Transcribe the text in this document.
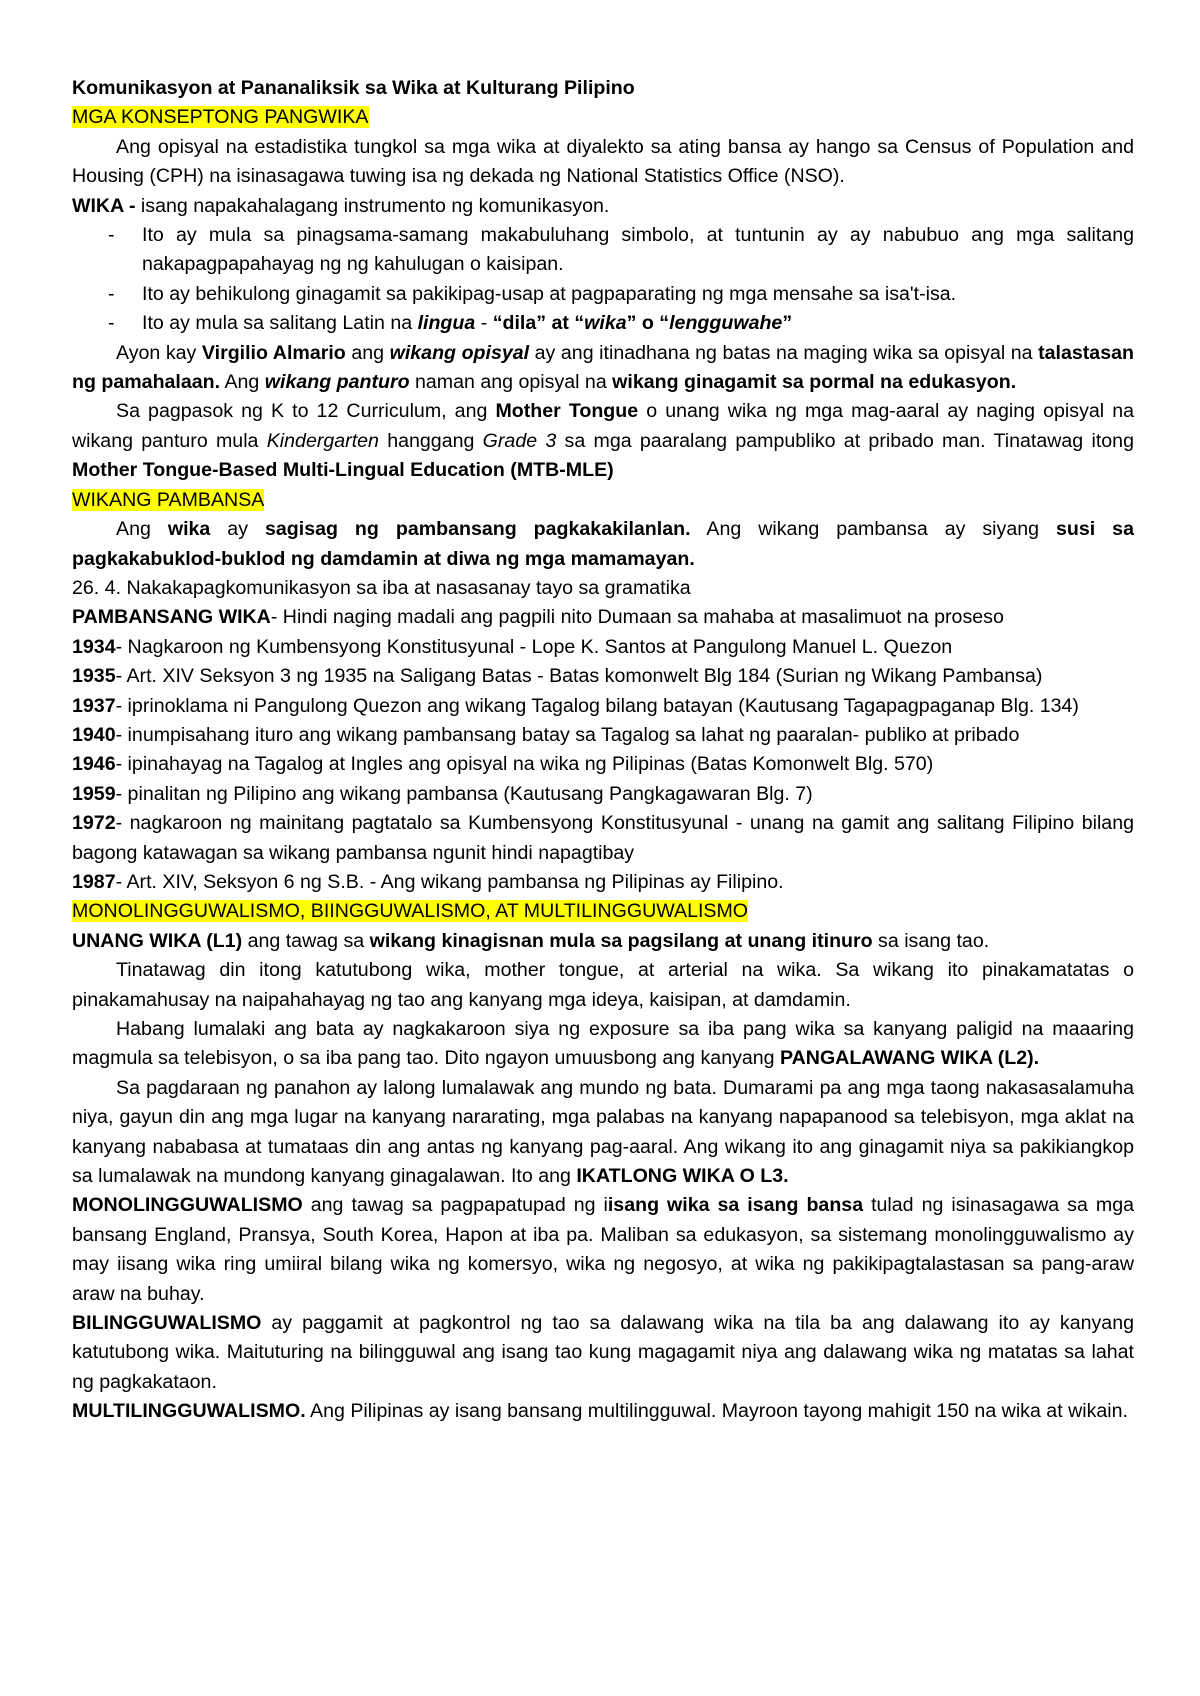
Komunikasyon at Pananaliksik sa Wika at Kulturang Pilipino

MGA KONSEPTONG PANGWIKA

Ang opisyal na estadistika tungkol sa mga wika at diyalekto sa ating bansa ay hango sa Census of Population and Housing (CPH) na isinasagawa tuwing isa ng dekada ng National Statistics Office (NSO).

WIKA - isang napakahalagang instrumento ng komunikasyon.

- Ito ay mula sa pinagsama-samang makabuluhang simbolo, at tuntunin ay ay nabubuo ang mga salitang nakapagpapahayag ng ng kahulugan o kaisipan.

- Ito ay behikulong ginagamit sa pakikipag-usap at pagpaparating ng mga mensahe sa isa't-isa.

- Ito ay mula sa salitang Latin na lingua - “dila” at “wika” o “lengguwahe”

Ayon kay Virgilio Almario ang wikang opisyal ay ang itinadhana ng batas na maging wika sa opisyal na talastasan ng pamahalaan. Ang wikang panturo naman ang opisyal na wikang ginagamit sa pormal na edukasyon.

Sa pagpasok ng K to 12 Curriculum, ang Mother Tongue o unang wika ng mga mag-aaral ay naging opisyal na wikang panturo mula Kindergarten hanggang Grade 3 sa mga paaralang pampubliko at pribado man. Tinatawag itong Mother Tongue-Based Multi-Lingual Education (MTB-MLE)

WIKANG PAMBANSA

Ang wika ay sagisag ng pambansang pagkakakilanlan. Ang wikang pambansa ay siyang susi sa pagkakabuklod-buklod ng damdamin at diwa ng mga mamamayan.

26. 4. Nakakapagkomunikasyon sa iba at nasasanay tayo sa gramatika

PAMBANSANG WIKA- Hindi naging madali ang pagpili nito Dumaan sa mahaba at masalimuot na proseso

1934- Nagkaroon ng Kumbensyong Konstitusyunal - Lope K. Santos at Pangulong Manuel L. Quezon

1935- Art. XIV Seksyon 3 ng 1935 na Saligang Batas - Batas komonwelt Blg 184 (Surian ng Wikang Pambansa)

1937- iprinoklama ni Pangulong Quezon ang wikang Tagalog bilang batayan (Kautusang Tagapagpaganap Blg. 134)

1940- inumpisahang ituro ang wikang pambansang batay sa Tagalog sa lahat ng paaralan- publiko at pribado

1946- ipinahayag na Tagalog at Ingles ang opisyal na wika ng Pilipinas (Batas Komonwelt Blg. 570)

1959- pinalitan ng Pilipino ang wikang pambansa (Kautusang Pangkagawaran Blg. 7)

1972- nagkaroon ng mainitang pagtatalo sa Kumbensyong Konstitusyunal - unang na gamit ang salitang Filipino bilang bagong katawagan sa wikang pambansa ngunit hindi napagtibay

1987- Art. XIV, Seksyon 6 ng S.B. - Ang wikang pambansa ng Pilipinas ay Filipino.

MONOLINGGUWALISMO, BIINGGUWALISMO, AT MULTILINGGUWALISMO

UNANG WIKA (L1) ang tawag sa wikang kinagisnan mula sa pagsilang at unang itinuro sa isang tao.

Tinatawag din itong katutubong wika, mother tongue, at arterial na wika. Sa wikang ito pinakamatatas o pinakamahusay na naipahahayag ng tao ang kanyang mga ideya, kaisipan, at damdamin.

Habang lumalaki ang bata ay nagkakaroon siya ng exposure sa iba pang wika sa kanyang paligid na maaaring magmula sa telebisyon, o sa iba pang tao. Dito ngayon umuusbong ang kanyang PANGALAWANG WIKA (L2).

Sa pagdaraan ng panahon ay lalong lumalawak ang mundo ng bata. Dumarami pa ang mga taong nakasasalamuha niya, gayun din ang mga lugar na kanyang nararating, mga palabas na kanyang napapanood sa telebisyon, mga aklat na kanyang nababasa at tumataas din ang antas ng kanyang pag-aaral. Ang wikang ito ang ginagamit niya sa pakikiangkop sa lumalawak na mundong kanyang ginagalawan. Ito ang IKATLONG WIKA O L3.

MONOLINGGUWALISMO ang tawag sa pagpapatupad ng iisang wika sa isang bansa tulad ng isinasagawa sa mga bansang England, Pransya, South Korea, Hapon at iba pa. Maliban sa edukasyon, sa sistemang monolingguwalismo ay may iisang wika ring umiiral bilang wika ng komersyo, wika ng negosyo, at wika ng pakikipagtalastasan sa pang-araw araw na buhay.

BILINGGUWALISMO ay paggamit at pagkontrol ng tao sa dalawang wika na tila ba ang dalawang ito ay kanyang katutubong wika. Maituturing na bilingguwal ang isang tao kung magagamit niya ang dalawang wika ng matatas sa lahat ng pagkakataon.

MULTILINGGUWALISMO. Ang Pilipinas ay isang bansang multilingguwal. Mayroon tayong mahigit 150 na wika at wikain.
